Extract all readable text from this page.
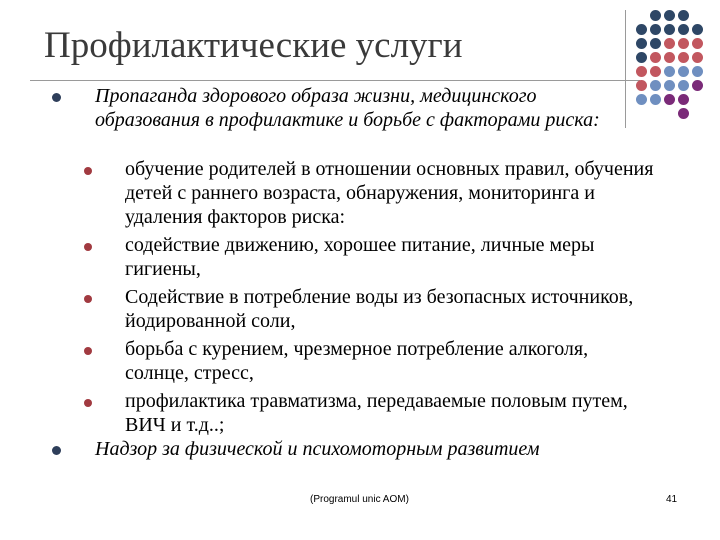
Профилактические услуги
Пропаганда здорового образа жизни, медицинского образования в профилактике и борьбе с факторами риска:
обучение родителей в отношении основных правил, обучения детей с раннего возраста, обнаружения, мониторинга и удаления факторов риска:
содействие движению, хорошее питание, личные меры гигиены,
Содействие в потребление воды из безопасных источников, йодированной соли,
борьба с курением, чрезмерное потребление алкоголя, солнце, стресс,
профилактика травматизма, передаваемые половым путем, ВИЧ и т.д..;
Надзор за физической и психомоторным развитием
(Programul unic AOM)	41
